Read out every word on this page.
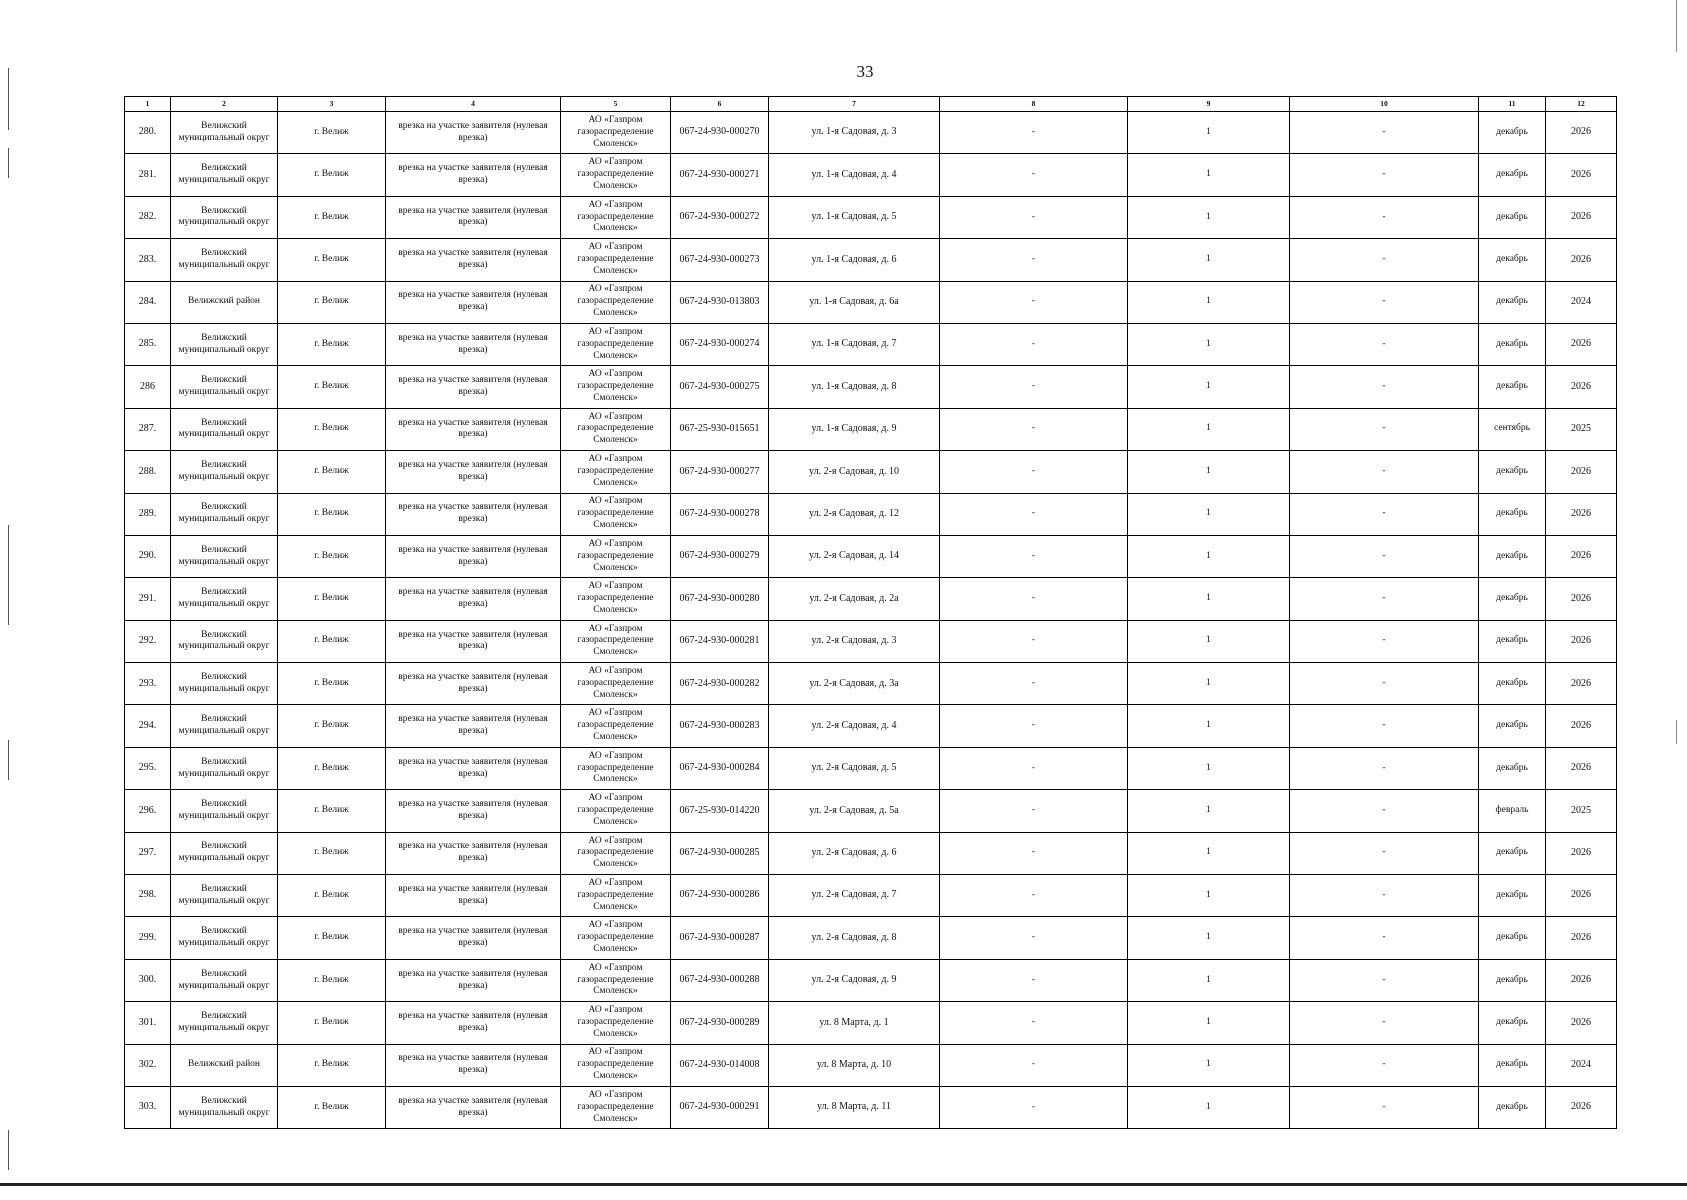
33
1	2	3	4	5	6	7	8	9	10	11	12
280.	Велижский муниципальный округ	г. Велиж	врезка на участке заявителя (нулевая врезка)	АО «Газпром газораспределение Смоленск»	067-24-930-000270	ул. 1-я Садовая, д. 3	-	1	-	декабрь	2026
281.	Велижский муниципальный округ	г. Велиж	врезка на участке заявителя (нулевая врезка)	АО «Газпром газораспределение Смоленск»	067-24-930-000271	ул. 1-я Садовая, д. 4	-	1	-	декабрь	2026
282.	Велижский муниципальный округ	г. Велиж	врезка на участке заявителя (нулевая врезка)	АО «Газпром газораспределение Смоленск»	067-24-930-000272	ул. 1-я Садовая, д. 5	-	1	-	декабрь	2026
283.	Велижский муниципальный округ	г. Велиж	врезка на участке заявителя (нулевая врезка)	АО «Газпром газораспределение Смоленск»	067-24-930-000273	ул. 1-я Садовая, д. 6	-	1	-	декабрь	2026
284.	Велижский район	г. Велиж	врезка на участке заявителя (нулевая врезка)	АО «Газпром газораспределение Смоленск»	067-24-930-013803	ул. 1-я Садовая, д. 6а	-	1	-	декабрь	2024
285.	Велижский муниципальный округ	г. Велиж	врезка на участке заявителя (нулевая врезка)	АО «Газпром газораспределение Смоленск»	067-24-930-000274	ул. 1-я Садовая, д. 7	-	1	-	декабрь	2026
286	Велижский муниципальный округ	г. Велиж	врезка на участке заявителя (нулевая врезка)	АО «Газпром газораспределение Смоленск»	067-24-930-000275	ул. 1-я Садовая, д. 8	-	1	-	декабрь	2026
287.	Велижский муниципальный округ	г. Велиж	врезка на участке заявителя (нулевая врезка)	АО «Газпром газораспределение Смоленск»	067-25-930-015651	ул. 1-я Садовая, д. 9	-	1	-	сентябрь	2025
288.	Велижский муниципальный округ	г. Велиж	врезка на участке заявителя (нулевая врезка)	АО «Газпром газораспределение Смоленск»	067-24-930-000277	ул. 2-я Садовая, д. 10	-	1	-	декабрь	2026
289.	Велижский муниципальный округ	г. Велиж	врезка на участке заявителя (нулевая врезка)	АО «Газпром газораспределение Смоленск»	067-24-930-000278	ул. 2-я Садовая, д. 12	-	1	-	декабрь	2026
290.	Велижский муниципальный округ	г. Велиж	врезка на участке заявителя (нулевая врезка)	АО «Газпром газораспределение Смоленск»	067-24-930-000279	ул. 2-я Садовая, д. 14	-	1	-	декабрь	2026
291.	Велижский муниципальный округ	г. Велиж	врезка на участке заявителя (нулевая врезка)	АО «Газпром газораспределение Смоленск»	067-24-930-000280	ул. 2-я Садовая, д. 2а	-	1	-	декабрь	2026
292.	Велижский муниципальный округ	г. Велиж	врезка на участке заявителя (нулевая врезка)	АО «Газпром газораспределение Смоленск»	067-24-930-000281	ул. 2-я Садовая, д. 3	-	1	-	декабрь	2026
293.	Велижский муниципальный округ	г. Велиж	врезка на участке заявителя (нулевая врезка)	АО «Газпром газораспределение Смоленск»	067-24-930-000282	ул. 2-я Садовая, д. 3а	-	1	-	декабрь	2026
294.	Велижский муниципальный округ	г. Велиж	врезка на участке заявителя (нулевая врезка)	АО «Газпром газораспределение Смоленск»	067-24-930-000283	ул. 2-я Садовая, д. 4	-	1	-	декабрь	2026
295.	Велижский муниципальный округ	г. Велиж	врезка на участке заявителя (нулевая врезка)	АО «Газпром газораспределение Смоленск»	067-24-930-000284	ул. 2-я Садовая, д. 5	-	1	-	декабрь	2026
296.	Велижский муниципальный округ	г. Велиж	врезка на участке заявителя (нулевая врезка)	АО «Газпром газораспределение Смоленск»	067-25-930-014220	ул. 2-я Садовая, д. 5а	-	1	-	февраль	2025
297.	Велижский муниципальный округ	г. Велиж	врезка на участке заявителя (нулевая врезка)	АО «Газпром газораспределение Смоленск»	067-24-930-000285	ул. 2-я Садовая, д. 6	-	1	-	декабрь	2026
298.	Велижский муниципальный округ	г. Велиж	врезка на участке заявителя (нулевая врезка)	АО «Газпром газораспределение Смоленск»	067-24-930-000286	ул. 2-я Садовая, д. 7	-	1	-	декабрь	2026
299.	Велижский муниципальный округ	г. Велиж	врезка на участке заявителя (нулевая врезка)	АО «Газпром газораспределение Смоленск»	067-24-930-000287	ул. 2-я Садовая, д. 8	-	1	-	декабрь	2026
300.	Велижский муниципальный округ	г. Велиж	врезка на участке заявителя (нулевая врезка)	АО «Газпром газораспределение Смоленск»	067-24-930-000288	ул. 2-я Садовая, д. 9	-	1	-	декабрь	2026
301.	Велижский муниципальный округ	г. Велиж	врезка на участке заявителя (нулевая врезка)	АО «Газпром газораспределение Смоленск»	067-24-930-000289	ул. 8 Марта, д. 1	-	1	-	декабрь	2026
302.	Велижский район	г. Велиж	врезка на участке заявителя (нулевая врезка)	АО «Газпром газораспределение Смоленск»	067-24-930-014008	ул. 8 Марта, д. 10	-	1	-	декабрь	2024
303.	Велижский муниципальный округ	г. Велиж	врезка на участке заявителя (нулевая врезка)	АО «Газпром газораспределение Смоленск»	067-24-930-000291	ул. 8 Марта, д. 11	-	1	-	декабрь	2026
